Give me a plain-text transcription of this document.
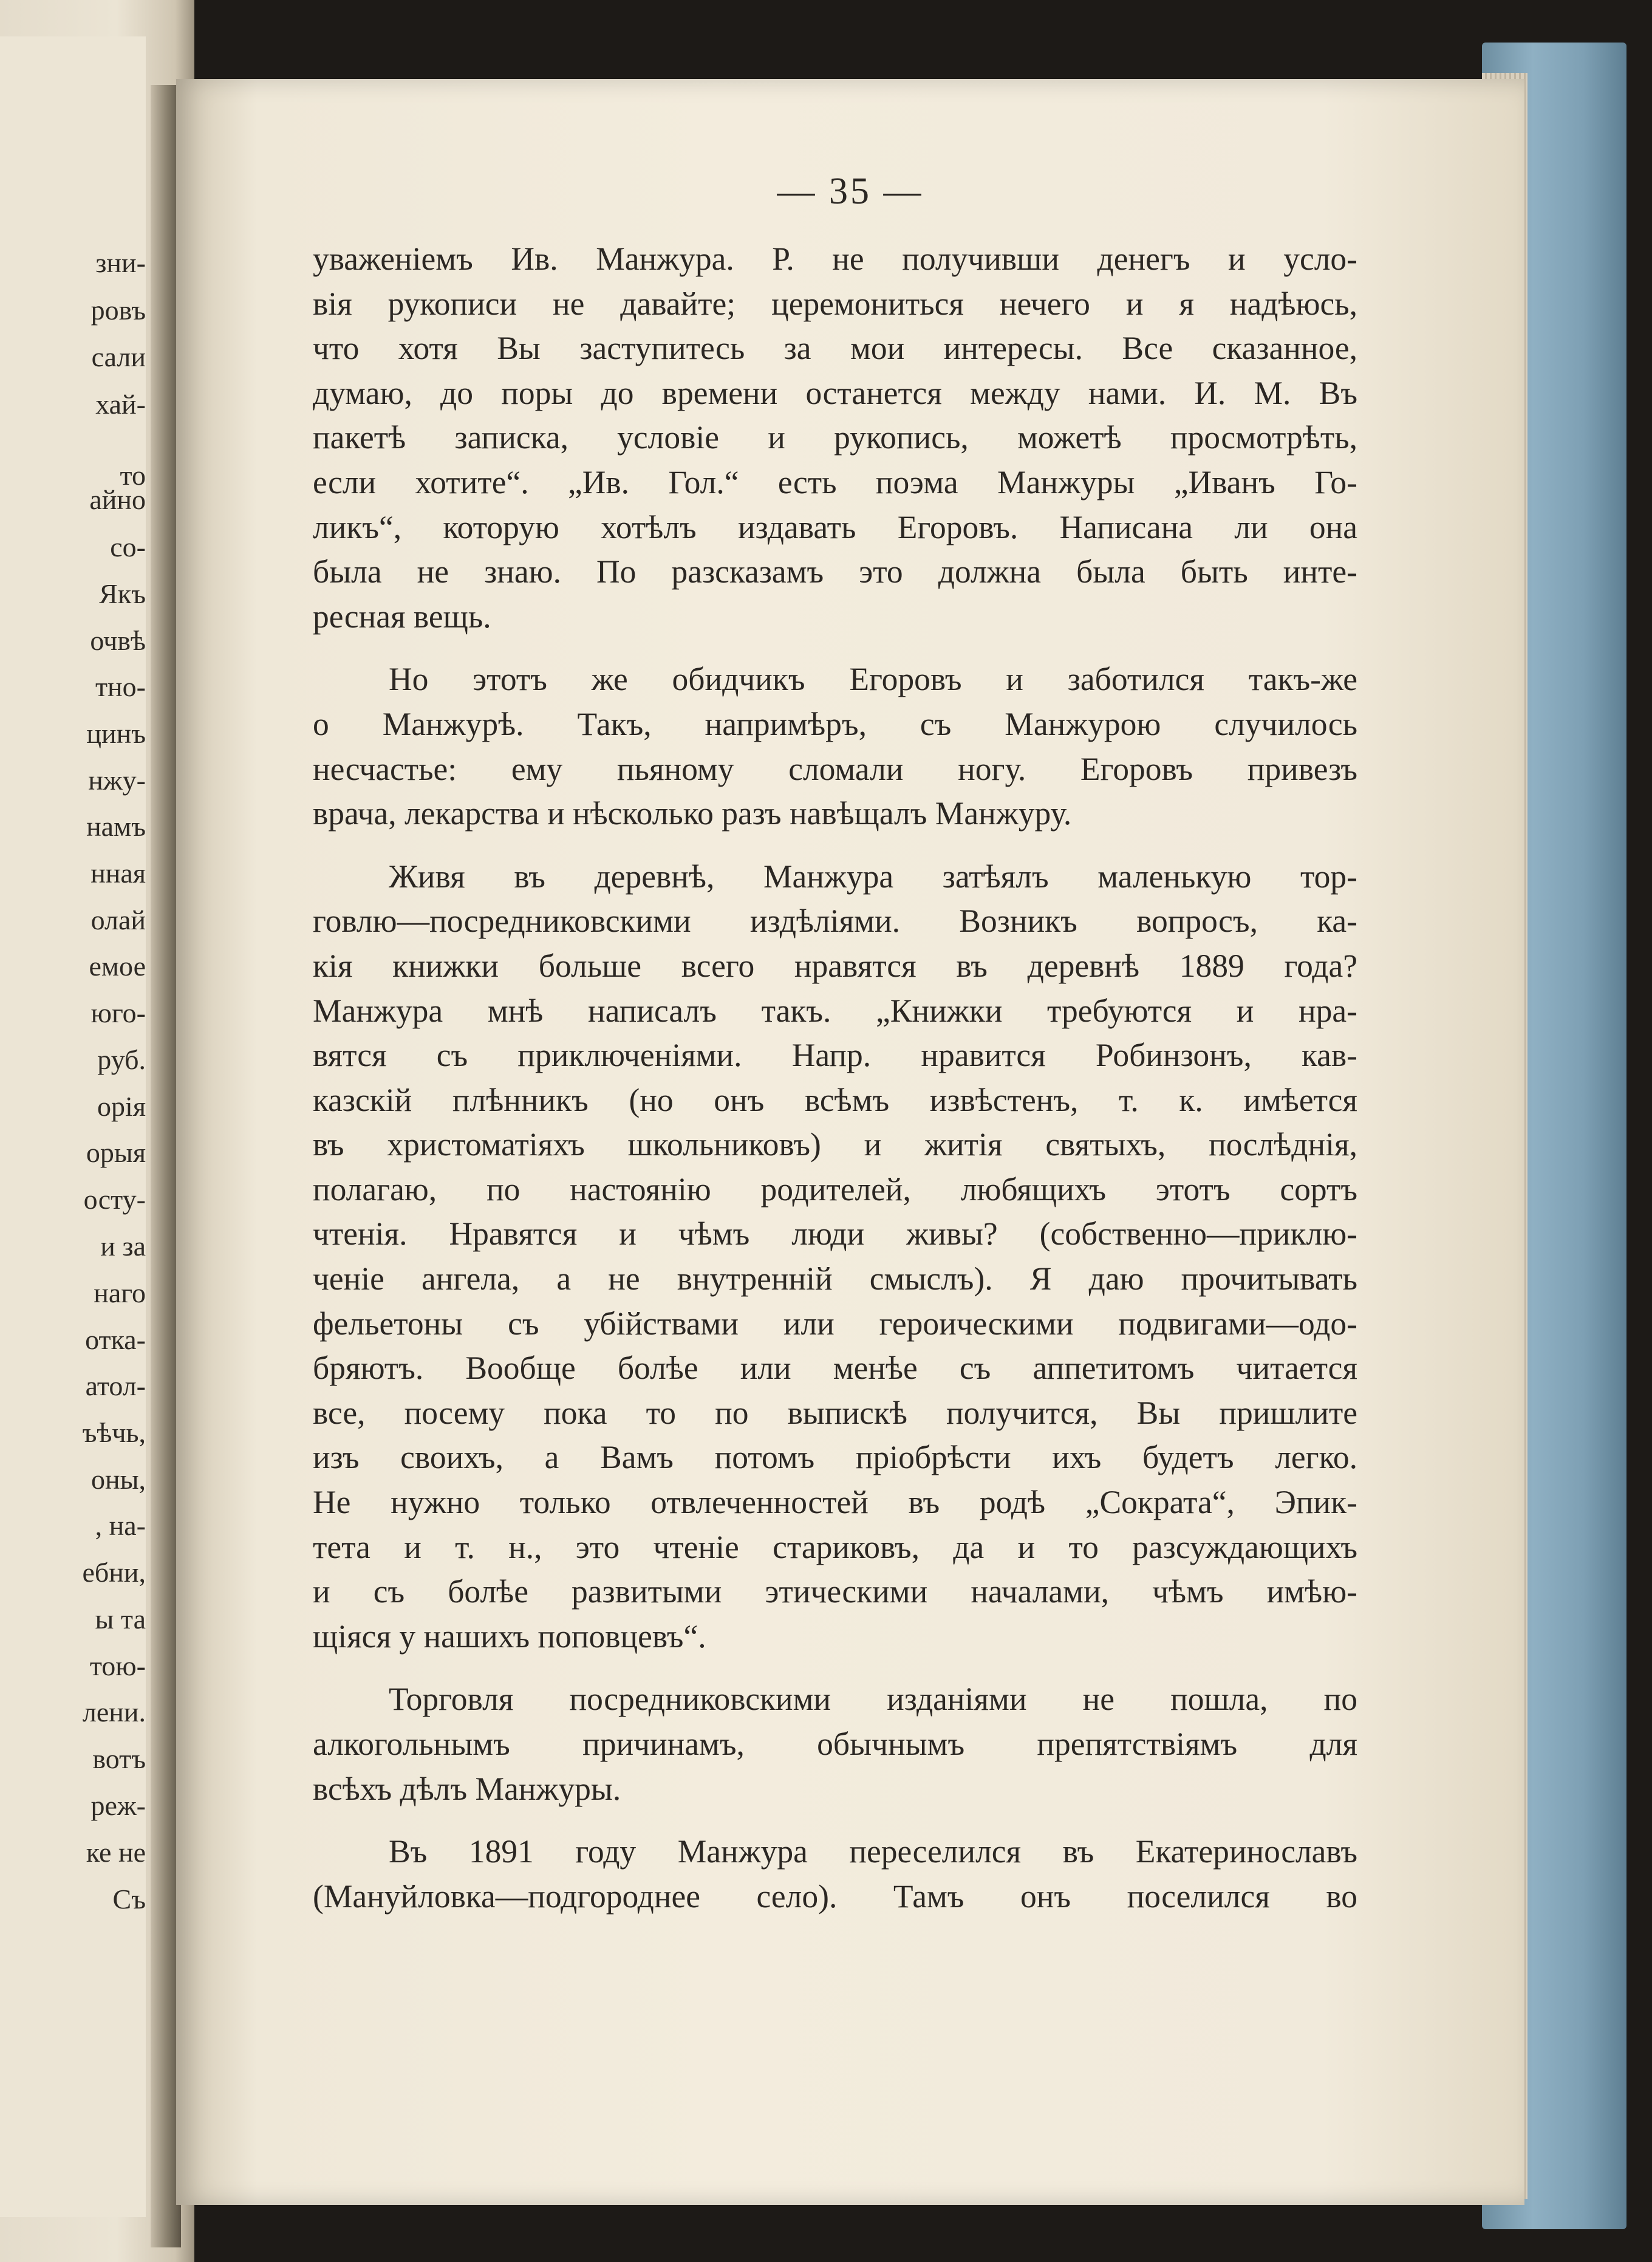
зни-
ровъ
сали
хай-
то
айно
со-
Якъ
очвѣ
тно-
цинъ
нжу-
намъ
нная
олай
емое
юго-
руб.
орія
орыя
осту-
и за
наго
отка-
атол-
ъѣчь,
оны,
, на-
ебни,
ы та
тою-
лени.
вотъ
реж-
ке не
Съ
— 35 —
уваженіемъ Ив. Манжура. Р. не получивши денегъ и усло-
вія рукописи не давайте; церемониться нечего и я надѣюсь,
что хотя Вы заступитесь за мои интересы. Все сказанное,
думаю, до поры до времени останется между нами. И. М. Въ
пакетѣ записка, условіе и рукопись, можетѣ просмотрѣть,
если хотите“. „Ив. Гол.“ есть поэма Манжуры „Иванъ Го-
ликъ“, которую хотѣлъ издавать Егоровъ. Написана ли она
была не знаю. По разсказамъ это должна была быть инте-
ресная вещь.
Но этотъ же обидчикъ Егоровъ и заботился такъ-же
о Манжурѣ. Такъ, напримѣръ, съ Манжурою случилось
несчастье: ему пьяному сломали ногу. Егоровъ привезъ
врача, лекарства и нѣсколько разъ навѣщалъ Манжуру.
Живя въ деревнѣ, Манжура затѣялъ маленькую тор-
говлю—посредниковскими издѣліями. Возникъ вопросъ, ка-
кія книжки больше всего нравятся въ деревнѣ 1889 года?
Манжура мнѣ написалъ такъ. „Книжки требуются и нра-
вятся съ приключеніями. Напр. нравится Робинзонъ, кав-
казскій плѣнникъ (но онъ всѣмъ извѣстенъ, т. к. имѣется
въ христоматіяхъ школьниковъ) и житія святыхъ, послѣднія,
полагаю, по настоянію родителей, любящихъ этотъ сортъ
чтенія. Нравятся и чѣмъ люди живы? (собственно—приклю-
ченіе ангела, а не внутренній смыслъ). Я даю прочитывать
фельетоны съ убійствами или героическими подвигами—одо-
бряютъ. Вообще болѣе или менѣе съ аппетитомъ читается
все, посему пока то по выпискѣ получится, Вы пришлите
изъ своихъ, а Вамъ потомъ пріобрѣсти ихъ будетъ легко.
Не нужно только отвлеченностей въ родѣ „Сократа“, Эпик-
тета и т. н., это чтеніе стариковъ, да и то разсуждающихъ
и съ болѣе развитыми этическими началами, чѣмъ имѣю-
щіяся у нашихъ поповцевъ“.
Торговля посредниковскими изданіями не пошла, по
алкогольнымъ причинамъ, обычнымъ препятствіямъ для
всѣхъ дѣлъ Манжуры.
Въ 1891 году Манжура переселился въ Екатеринославъ
(Мануйловка—подгороднее село). Тамъ онъ поселился во
